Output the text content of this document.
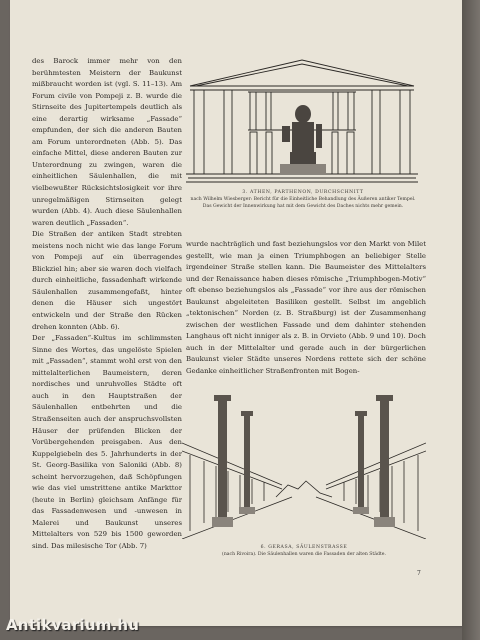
des Barock immer mehr von den berühmtesten Meistern der Baukunst mißbraucht worden ist (vgl. S. 11–13). Am Forum civile von Pompeji z. B. wurde die Stirnseite des Jupitertempels deutlich als eine derartig wirksame „Fassade“ empfunden, der sich die anderen Bauten am Forum unterordneten (Abb. 5). Das einfache Mittel, diese anderen Bauten zur Unterordnung zu zwingen, waren die einheitlichen Säulenhallen, die mit vielbewußter Rücksichtslosigkeit vor ihre unregelmäßigen Stirnseiten gelegt wurden (Abb. 4). Auch diese Säulenhallen waren deutlich „Fassaden“.

Die Straßen der antiken Stadt strebten meistens noch nicht wie das lange Forum von Pompeji auf ein überragendes Blickziel hin; aber sie waren doch vielfach durch einheitliche, fassadenhaft wirkende Säulenhallen zusammengefaßt, hinter denen die Häuser sich ungestört entwickeln und der Straße den Rücken drehen konnten (Abb. 6).

Der „Fassaden“-Kultus im schlimmsten Sinne des Wortes, das ungelöste Spielen mit „Fassaden“, stammt wohl erst von den mittelalterlichen Baumeistern, deren nordisches und unruhvolles Städte oft auch in den Hauptstraßen der Säulenhallen entbehrten und die Straßenseiten auch der anspruchsvollsten Häuser der prüfenden Blicken der Vorübergehenden preisgaben. Aus den Kuppelgiebeln des 5. Jahrhunderts in der St. Georg-Basilika von Saloniki (Abb. 8) scheint hervorzugehen, daß Schöpfungen wie das viel umstrittene antike Markttor (heute in Berlin) gleichsam Anfänge für das Fassadenwesen und -unwesen in Malerei und Baukunst unseres Mittelalters von 529 bis 1500 geworden sind. Das milesische Tor (Abb. 7)

3. ATHEN, PARTHENON, DURCHSCHNITT
nach Wilhelm Wiesberger: Bericht für die Einheitliche Behandlung des Äußeren antiker Tempel. Das Gewicht der Innenwirkung hat mit dem Gewicht des Daches nichts mehr gemein.

wurde nachträglich und fast beziehungslos vor den Markt von Milet gestellt, wie man ja einen Triumphbogen an beliebiger Stelle irgendeiner Straße stellen kann. Die Baumeister des Mittelalters und der Renaissance haben dieses römische „Triumphbogen-Motiv“ oft ebenso beziehungslos als „Fassade“ vor ihre aus der römischen Baukunst abgeleiteten Basiliken gestellt. Selbst im angeblich „tektonischen“ Norden (z. B. Straßburg) ist der Zusammenhang zwischen der westlichen Fassade und dem dahinter stehenden Langhaus oft nicht inniger als z. B. in Orvieto (Abb. 9 und 10). Doch auch in der Mittelalter und gerade auch in der bürgerlichen Baukunst vieler Städte unseres Nordens rettete sich der schöne Gedanke einheitlicher Straßenfronten mit Bogen-

6. GERASA, SÄULENSTRASSE
(nach Rivoira). Die Säulenhallen waren die Fassaden der alten Städte.
7
Antikvarium.hu
